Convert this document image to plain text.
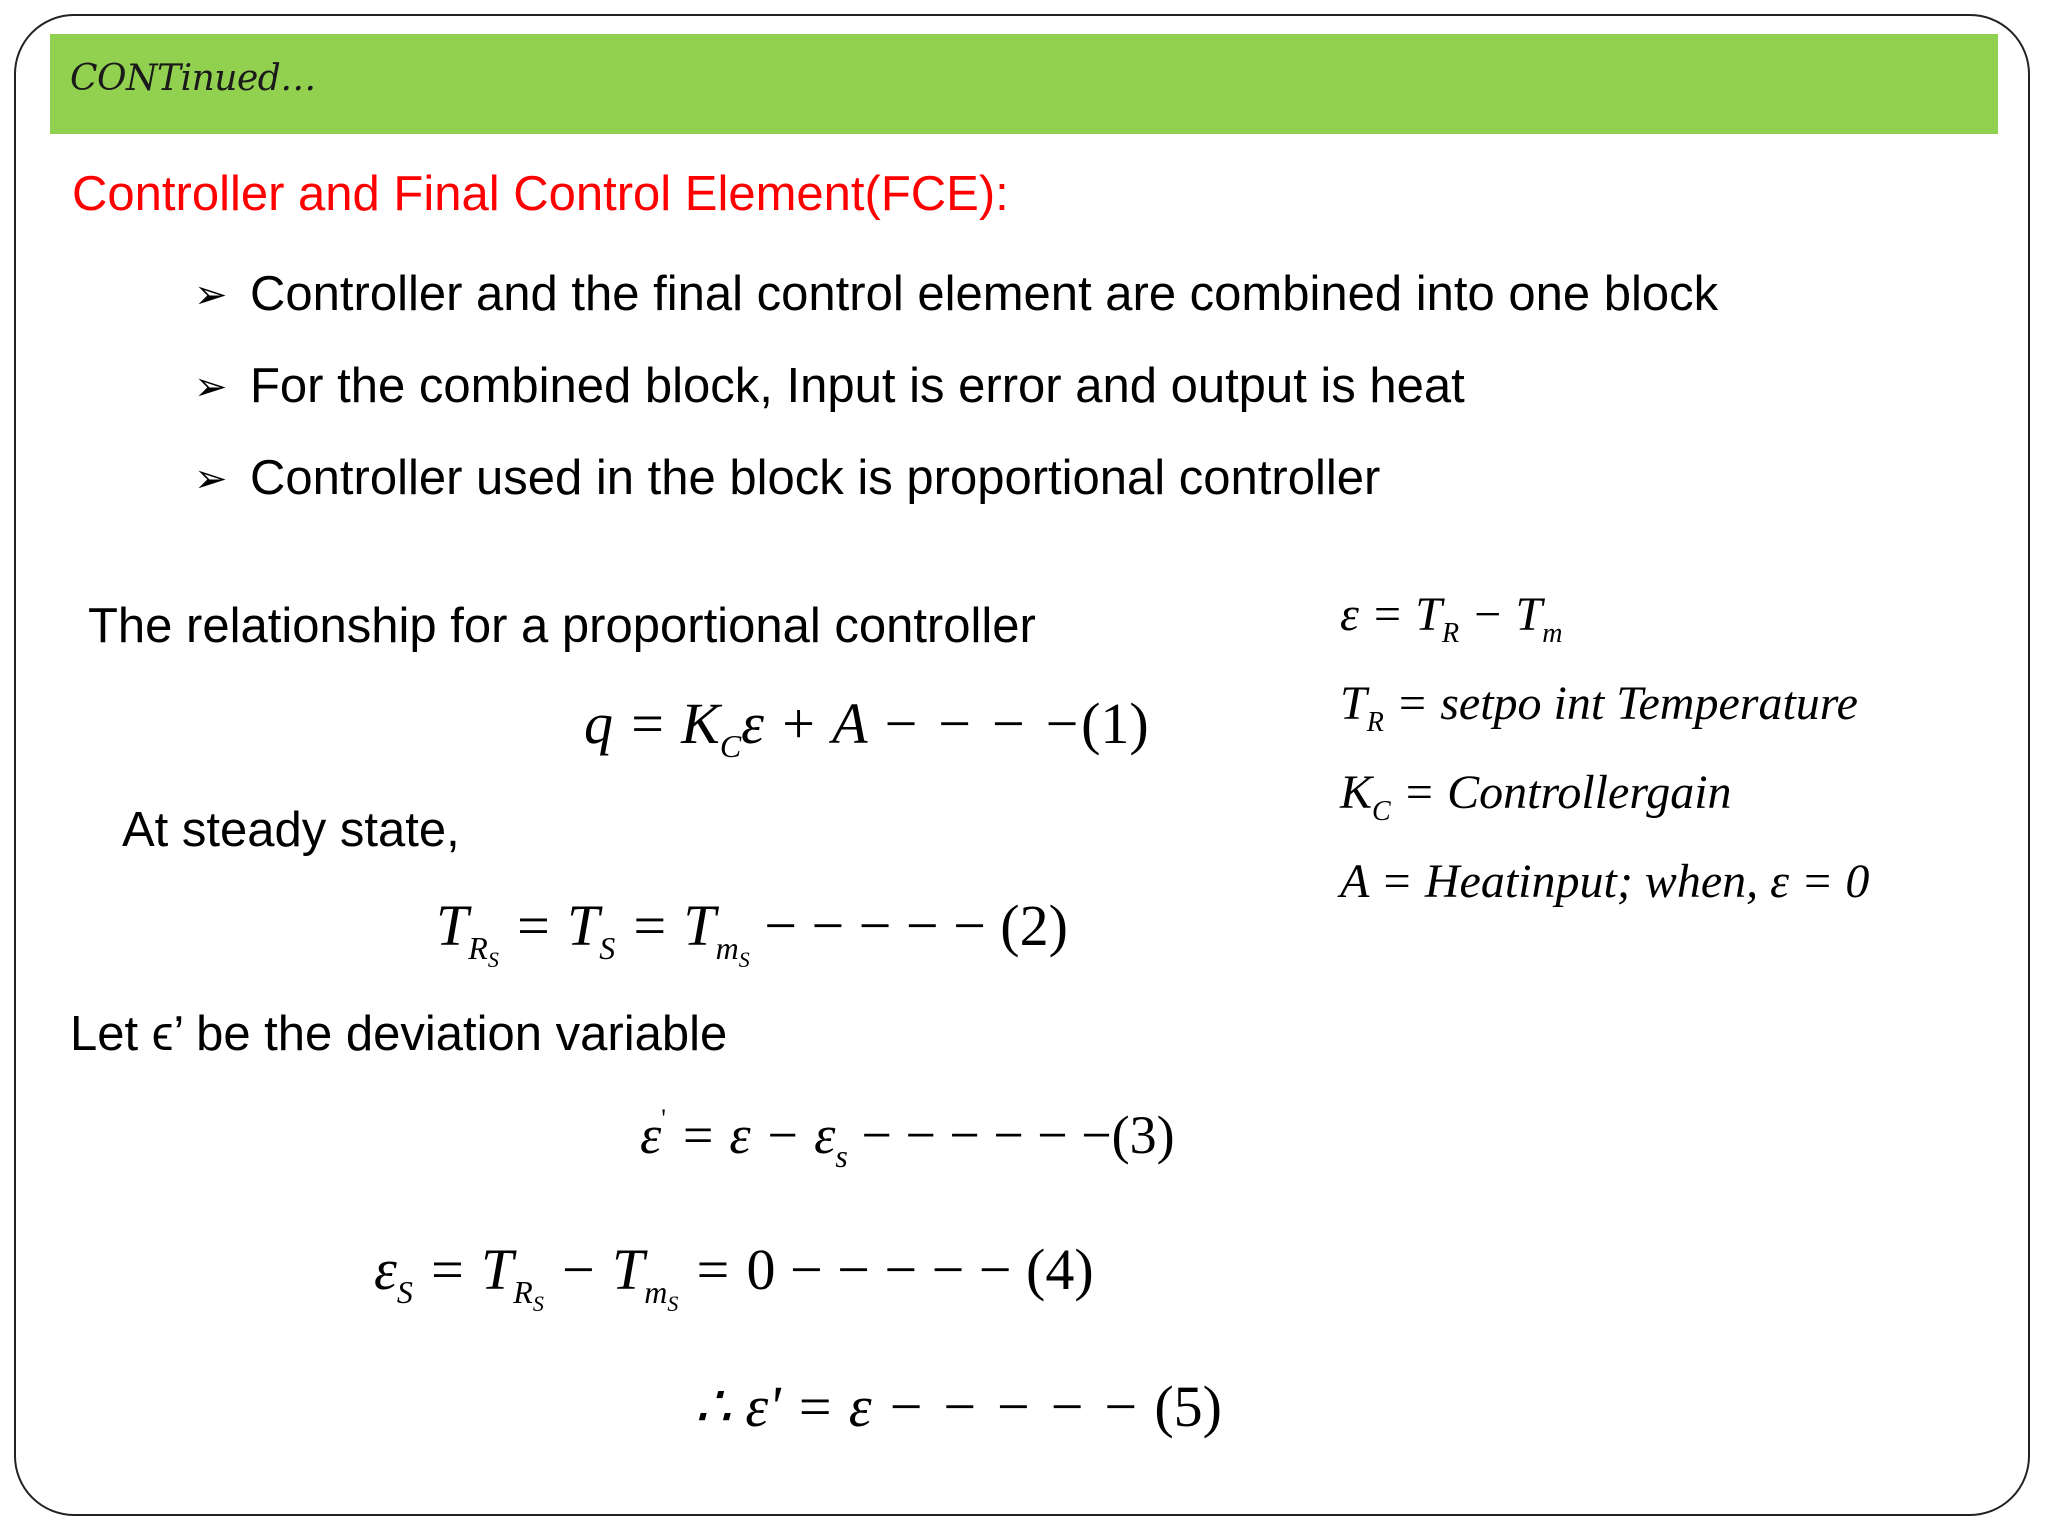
CONTinued…
Controller and Final Control Element(FCE):
➢ Controller and the final control element are combined into one block
➢ For the combined block, Input is error and output is heat
➢ Controller used in the block is proportional controller
The relationship for a proportional controller
$q = K_C\varepsilon + A$ − − − −(1)
At steady state,
$T_{R_S} = T_S = T_{m_S}$ − − − − − (2)
Let ϵ’ be the deviation variable
$\varepsilon' = \varepsilon - \varepsilon_s$ − − − − − −(3)
$\varepsilon_S = T_{R_S} - T_{m_S} = 0$ − − − − − (4)
∴ ε' = ε − − − − − (5)
$\varepsilon = T_R - T_m$
$T_R$ = setpo int Temperature
$K_C$ = Controllergain
A = Heatinput; when, ε = 0
